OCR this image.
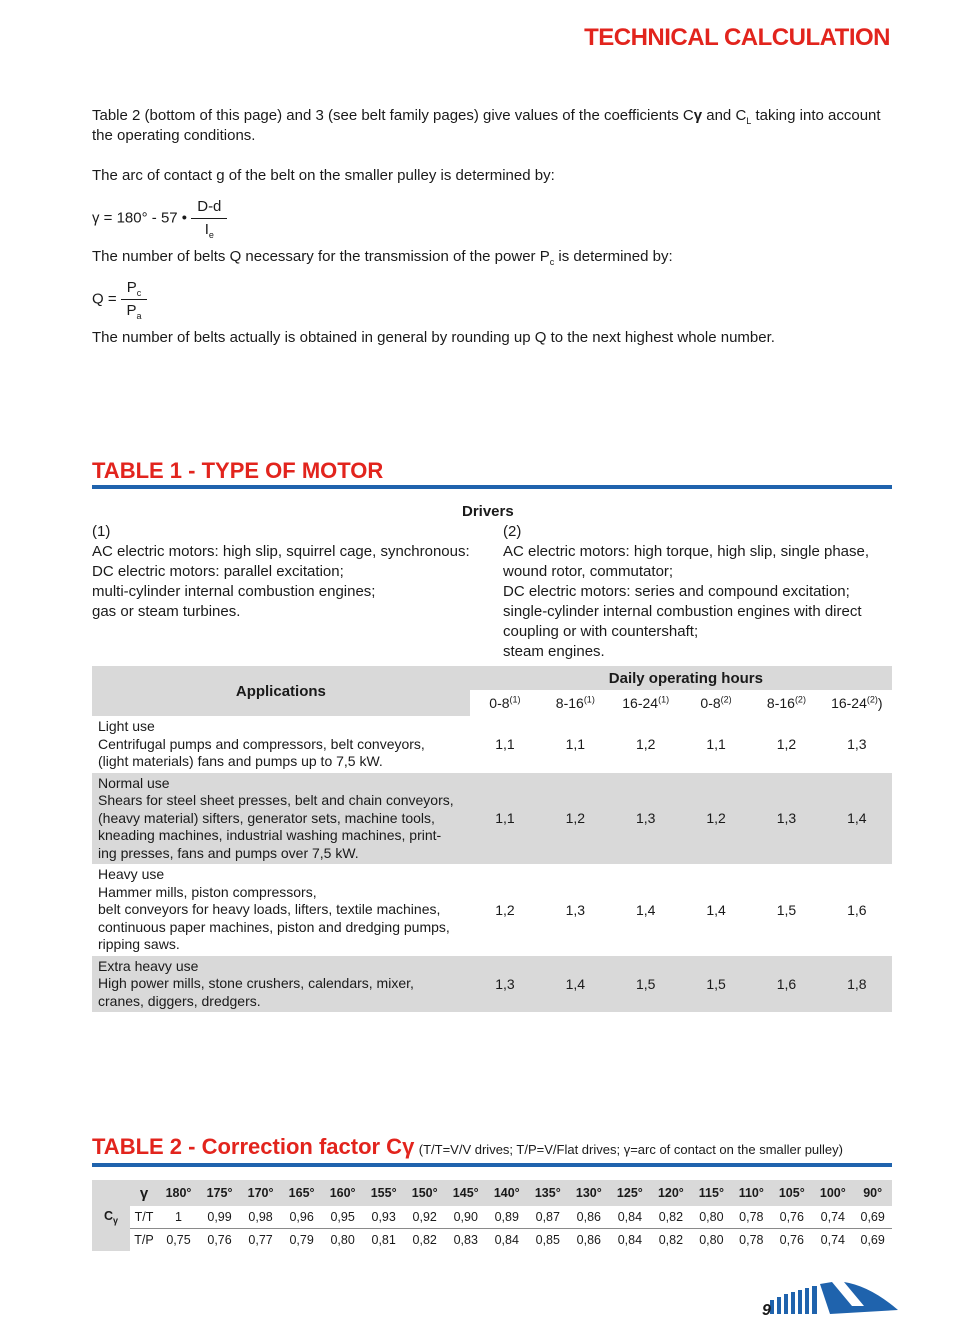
TECHNICAL CALCULATION
Table 2 (bottom of this page) and 3 (see belt family pages) give values of the coefficients Cγ and $C_L$ taking into account
the operating conditions.
The arc of contact g of the belt on the smaller pulley is determined by:
γ = 180° - 57 • $\frac{D-d}{I_e}$
The number of belts Q necessary for the transmission of the power $P_c$ is determined by:
$Q = \frac{P_c}{P_a}$
The number of belts actually is obtained in general by rounding up Q to the next highest whole number.
TABLE 1 - TYPE OF MOTOR
Drivers
(1)
AC electric motors: high slip, squirrel cage, synchronous:
DC electric motors: parallel excitation;
multi-cylinder internal combustion engines;
gas or steam turbines.
(2)
AC electric motors: high torque, high slip, single phase,
wound rotor, commutator;
DC electric motors: series and compound excitation;
single-cylinder internal combustion engines with direct
coupling or with countershaft;
steam engines.
Applications	Daily operating hours					
	0-8$^{(1)}$	8-16$^{(1)}$	16-24$^{(1)}$	0-8$^{(2)}$	8-16$^{(2)}$	16-24$^{(2)}$)

Light use
Centrifugal pumps and compressors, belt conveyors,
(light materials) fans and pumps up to 7,5 kW.	1,1	1,1	1,2	1,1	1,2	1,3

Normal use
Shears for steel sheet presses, belt and chain conveyors,
(heavy material) sifters, generator sets, machine tools,
kneading machines, industrial washing machines, print-
ing presses, fans and pumps over 7,5 kW.	1,1	1,2	1,3	1,2	1,3	1,4

Heavy use
Hammer mills, piston compressors,
belt conveyors for heavy loads, lifters, textile machines,
continuous paper machines, piston and dredging pumps,
ripping saws.	1,2	1,3	1,4	1,4	1,5	1,6

Extra heavy use
High power mills, stone crushers, calendars, mixer,
cranes, diggers, dredgers.	1,3	1,4	1,5	1,5	1,6	1,8
TABLE 2 - Correction factor Cγ (T/T=V/V drives; T/P=V/Flat drives; γ=arc of contact on the smaller pulley)
$C_\gamma$	γ	180°	175°	170°	165°	160°	155°	150°	145°	140°	135°	130°	125°	120°	115°	110°	105°	100°	90°
	T/T	1	0,99	0,98	0,96	0,95	0,93	0,92	0,90	0,89	0,87	0,86	0,84	0,82	0,80	0,78	0,76	0,74	0,69
	T/P	0,75	0,76	0,77	0,79	0,80	0,81	0,82	0,83	0,84	0,85	0,86	0,84	0,82	0,80	0,78	0,76	0,74	0,69
9
